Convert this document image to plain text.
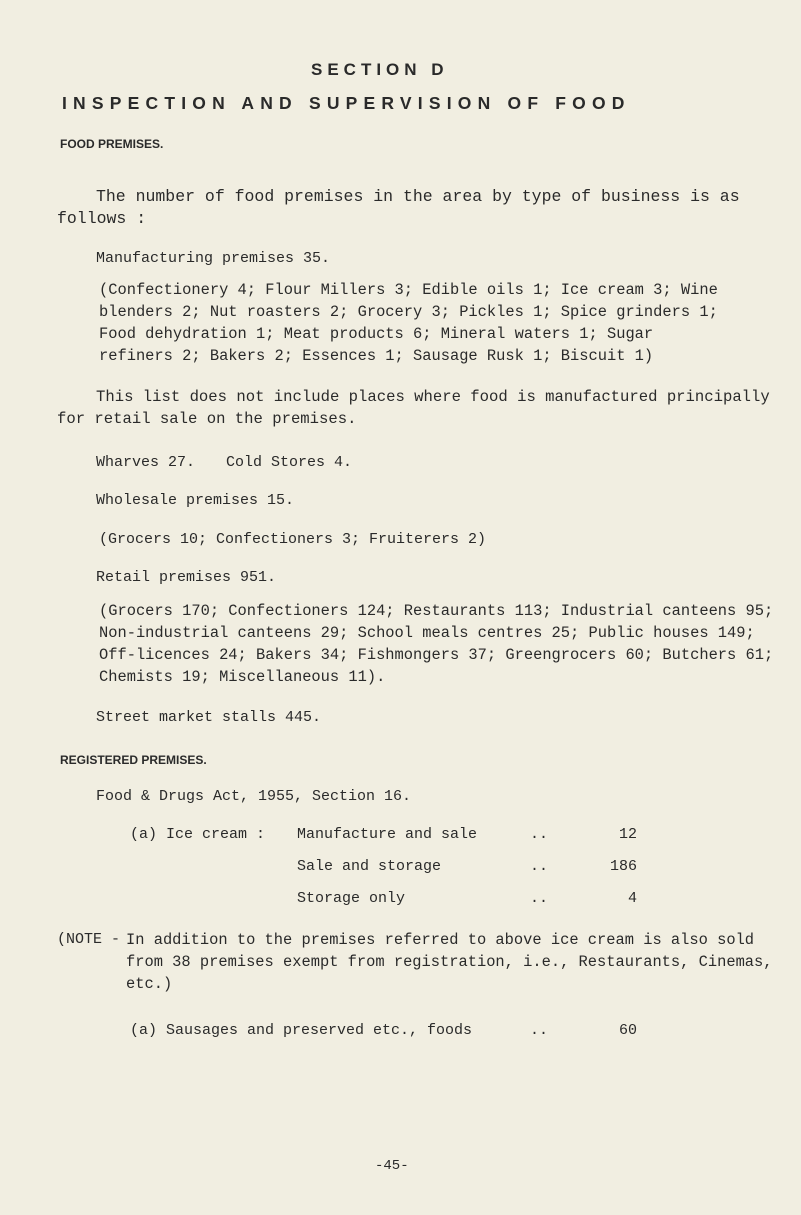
SECTION D
INSPECTION AND SUPERVISION OF FOOD
FOOD PREMISES.
The number of food premises in the area by type of business is as
follows :
Manufacturing premises 35.
(Confectionery 4; Flour Millers 3; Edible oils 1; Ice cream 3; Wine
blenders 2; Nut roasters 2; Grocery 3; Pickles 1; Spice grinders 1;
Food dehydration 1; Meat products 6; Mineral waters 1; Sugar
refiners 2; Bakers 2; Essences 1; Sausage Rusk 1; Biscuit 1)
This list does not include places where food is manufactured principally
for retail sale on the premises.
Wharves 27. Cold Stores 4.
Wholesale premises 15.
(Grocers 10; Confectioners 3; Fruiterers 2)
Retail premises 951.
(Grocers 170; Confectioners 124; Restaurants 113; Industrial canteens 95;
Non-industrial canteens 29; School meals centres 25; Public houses 149;
Off-licences 24; Bakers 34; Fishmongers 37; Greengrocers 60; Butchers 61;
Chemists 19; Miscellaneous 11).
Street market stalls 445.
REGISTERED PREMISES.
Food & Drugs Act, 1955, Section 16.
(a) Ice cream : Manufacture and sale	..	12
Sale and storage	..	186
Storage only	..	4
(NOTE - In addition to the premises referred to above ice cream is also sold
from 38 premises exempt from registration, i.e., Restaurants, Cinemas,
etc.)
(a) Sausages and preserved etc., foods	..	60
-45-
